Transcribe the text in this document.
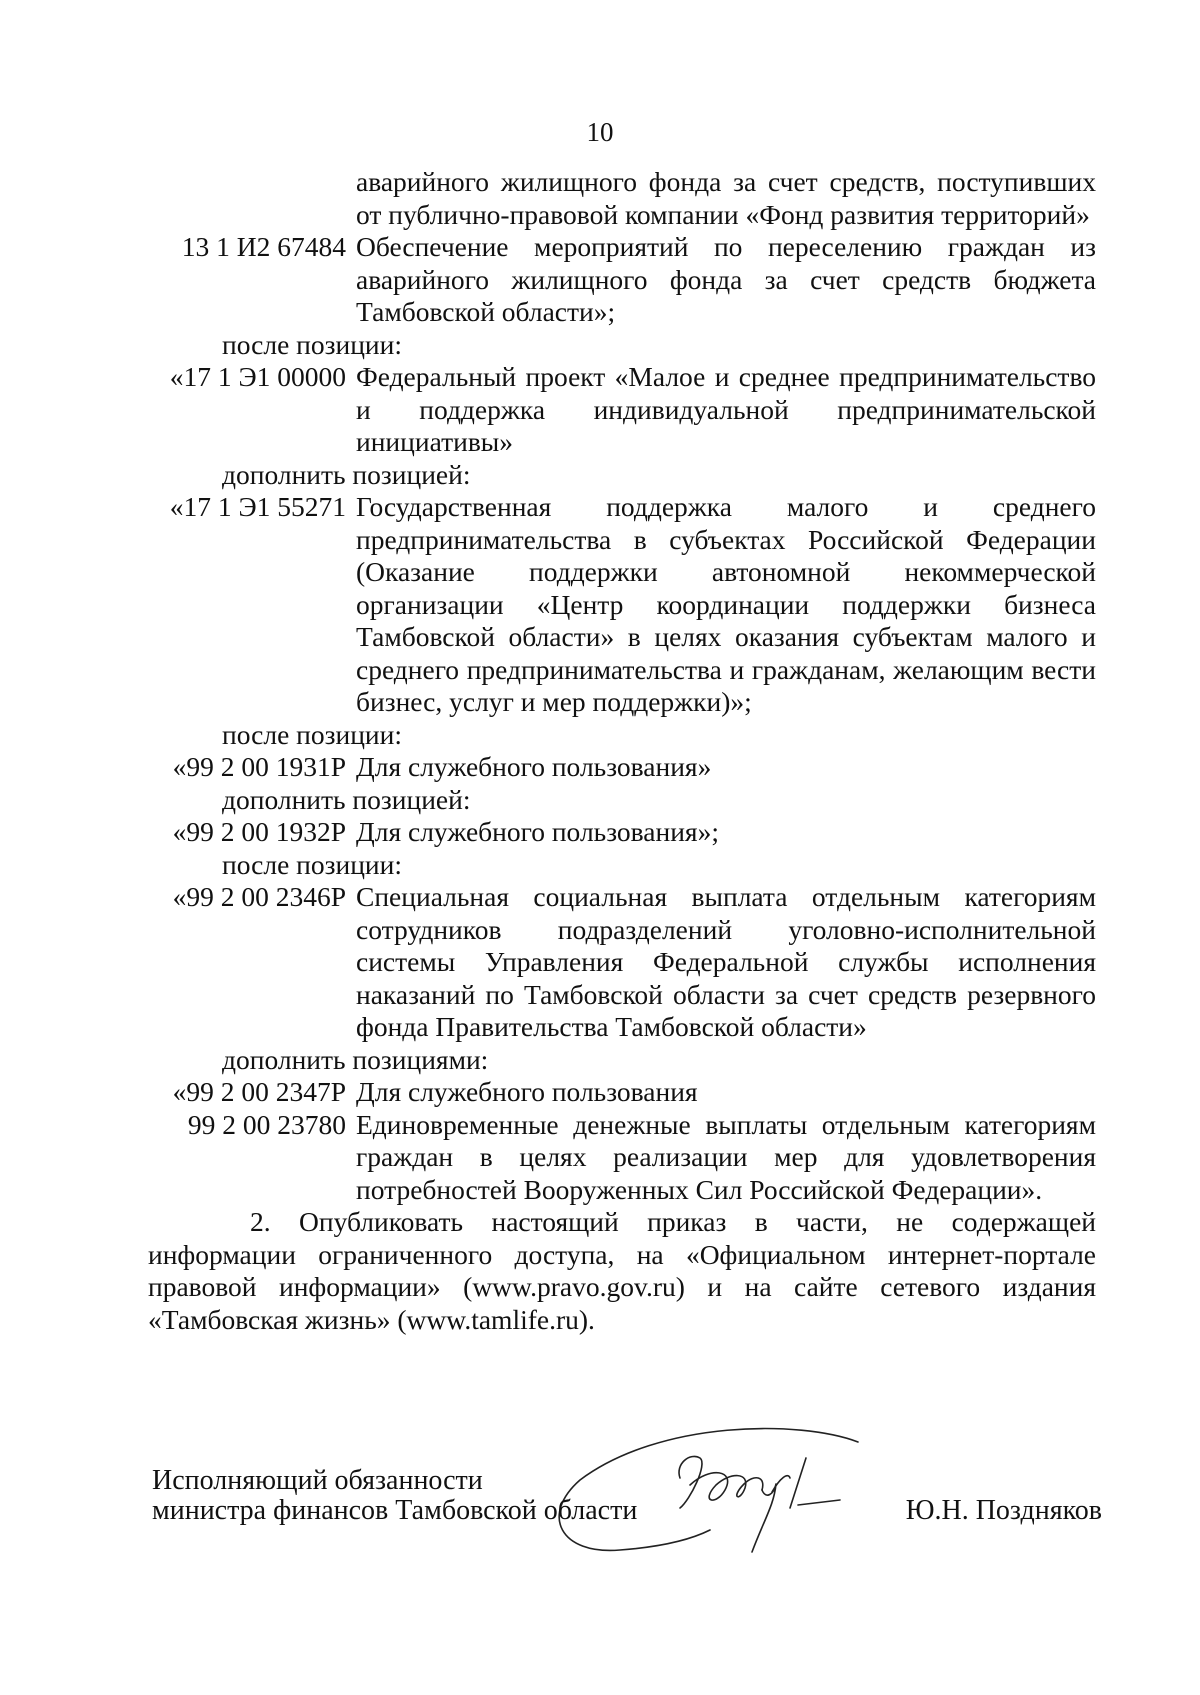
10
аварийного жилищного фонда за счет средств, поступивших от публично-правовой компании «Фонд развития территорий»
13 1 И2 67484 Обеспечение мероприятий по переселению граждан из аварийного жилищного фонда за счет средств бюджета Тамбовской области»;
после позиции:
«17 1 Э1 00000 Федеральный проект «Малое и среднее предпринимательство и поддержка индивидуальной предпринимательской инициативы»
дополнить позицией:
«17 1 Э1 55271 Государственная поддержка малого и среднего предпринимательства в субъектах Российской Федерации (Оказание поддержки автономной некоммерческой организации «Центр координации поддержки бизнеса Тамбовской области» в целях оказания субъектам малого и среднего предпринимательства и гражданам, желающим вести бизнес, услуг и мер поддержки)»;
после позиции:
«99 2 00 1931Р Для служебного пользования»
дополнить позицией:
«99 2 00 1932Р Для служебного пользования»;
после позиции:
«99 2 00 2346Р Специальная социальная выплата отдельным категориям сотрудников подразделений уголовно-исполнительной системы Управления Федеральной службы исполнения наказаний по Тамбовской области за счет средств резервного фонда Правительства Тамбовской области»
дополнить позициями:
«99 2 00 2347Р Для служебного пользования
99 2 00 23780 Единовременные денежные выплаты отдельным категориям граждан в целях реализации мер для удовлетворения потребностей Вооруженных Сил Российской Федерации».
2. Опубликовать настоящий приказ в части, не содержащей информации ограниченного доступа, на «Официальном интернет-портале правовой информации» (www.pravo.gov.ru) и на сайте сетевого издания «Тамбовская жизнь» (www.tamlife.ru).
Исполняющий обязанности
министра финансов Тамбовской области	Ю.Н. Поздняков
